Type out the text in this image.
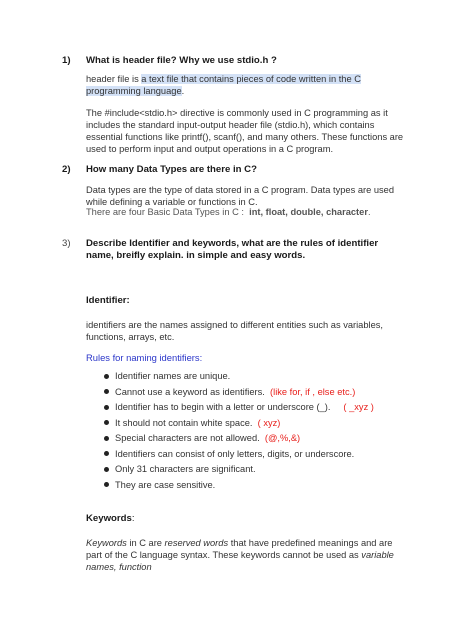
1) What is header file? Why we use stdio.h ?
header file is a text file that contains pieces of code written in the C programming language.
The #include<stdio.h> directive is commonly used in C programming as it includes the standard input-output header file (stdio.h), which contains essential functions like printf(), scanf(), and many others. These functions are used to perform input and output operations in a C program.
2) How many Data Types are there in C?
Data types are the type of data stored in a C program. Data types are used while defining a variable or functions in C.
There are four Basic Data Types in C : int, float, double, character.
3) Describe Identifier and keywords, what are the rules of identifier name, breifly explain. in simple and easy words.
Identifier:
identifiers are the names assigned to different entities such as variables, functions, arrays, etc.
Rules for naming identifiers:
Identifier names are unique.
Cannot use a keyword as identifiers. (like for, if , else etc.)
Identifier has to begin with a letter or underscore (_). ( _xyz )
It should not contain white space. ( xyz)
Special characters are not allowed. (@,%,&)
Identifiers can consist of only letters, digits, or underscore.
Only 31 characters are significant.
They are case sensitive.
Keywords:
Keywords in C are reserved words that have predefined meanings and are part of the C language syntax. These keywords cannot be used as variable names, function
